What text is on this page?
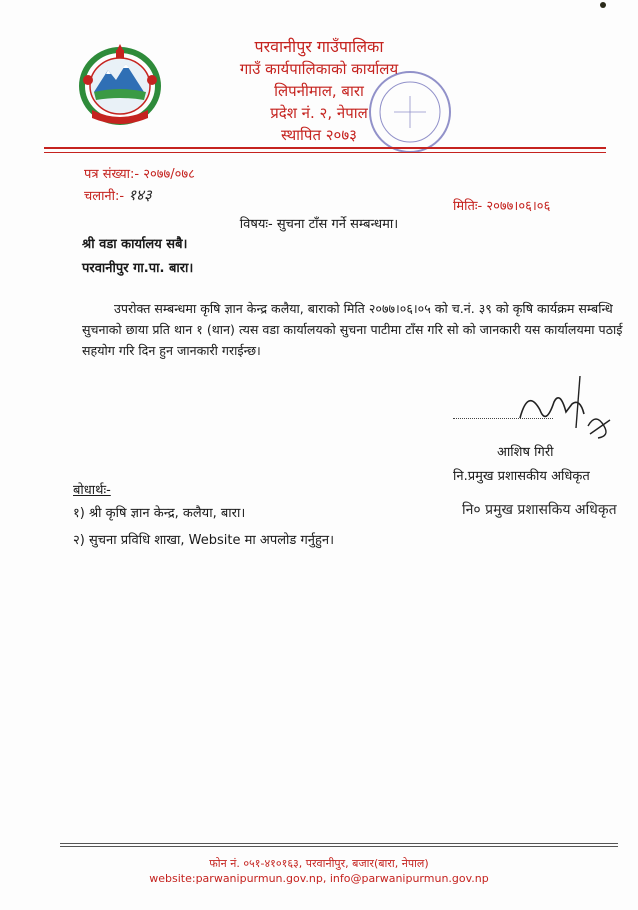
परवानीपुर गाउँपालिका
गाउँ कार्यपालिकाको कार्यालय
लिपनीमाल, बारा
प्रदेश नं. २, नेपाल
स्थापित २०७३
पत्र संख्या:- २०७७/०७८
चलानी:- १४३
मितिः- २०७७।०६।०६
विषयः- सुचना टाँस गर्ने सम्बन्धमा।
श्री वडा कार्यालय सबै।
परवानीपुर गा.पा. बारा।
उपरोक्त सम्बन्धमा कृषि ज्ञान केन्द्र कलैया, बाराको मिति २०७७।०६।०५ को च.नं. ३९ को कृषि कार्यक्रम सम्बन्धि सुचनाको छाया प्रति थान १ (थान) त्यस वडा कार्यालयको सुचना पाटीमा टाँस गरि सो को जानकारी यस कार्यालयमा पठाई सहयोग गरि दिन हुन जानकारी गराईन्छ।
आशिष गिरी
नि.प्रमुख प्रशासकीय अधिकृत
नि० प्रमुख प्रशासकिय अधिकृत
बोधार्थः-
१) श्री कृषि ज्ञान केन्द्र, कलैया, बारा।
२) सुचना प्रविधि शाखा, Website मा अपलोड गर्नुहुन।
फोन नं. ०५१-४१०१६३, परवानीपुर, बजार(बारा, नेपाल)
website:parwanipurmun.gov.np, info@parwanipurmun.gov.np
